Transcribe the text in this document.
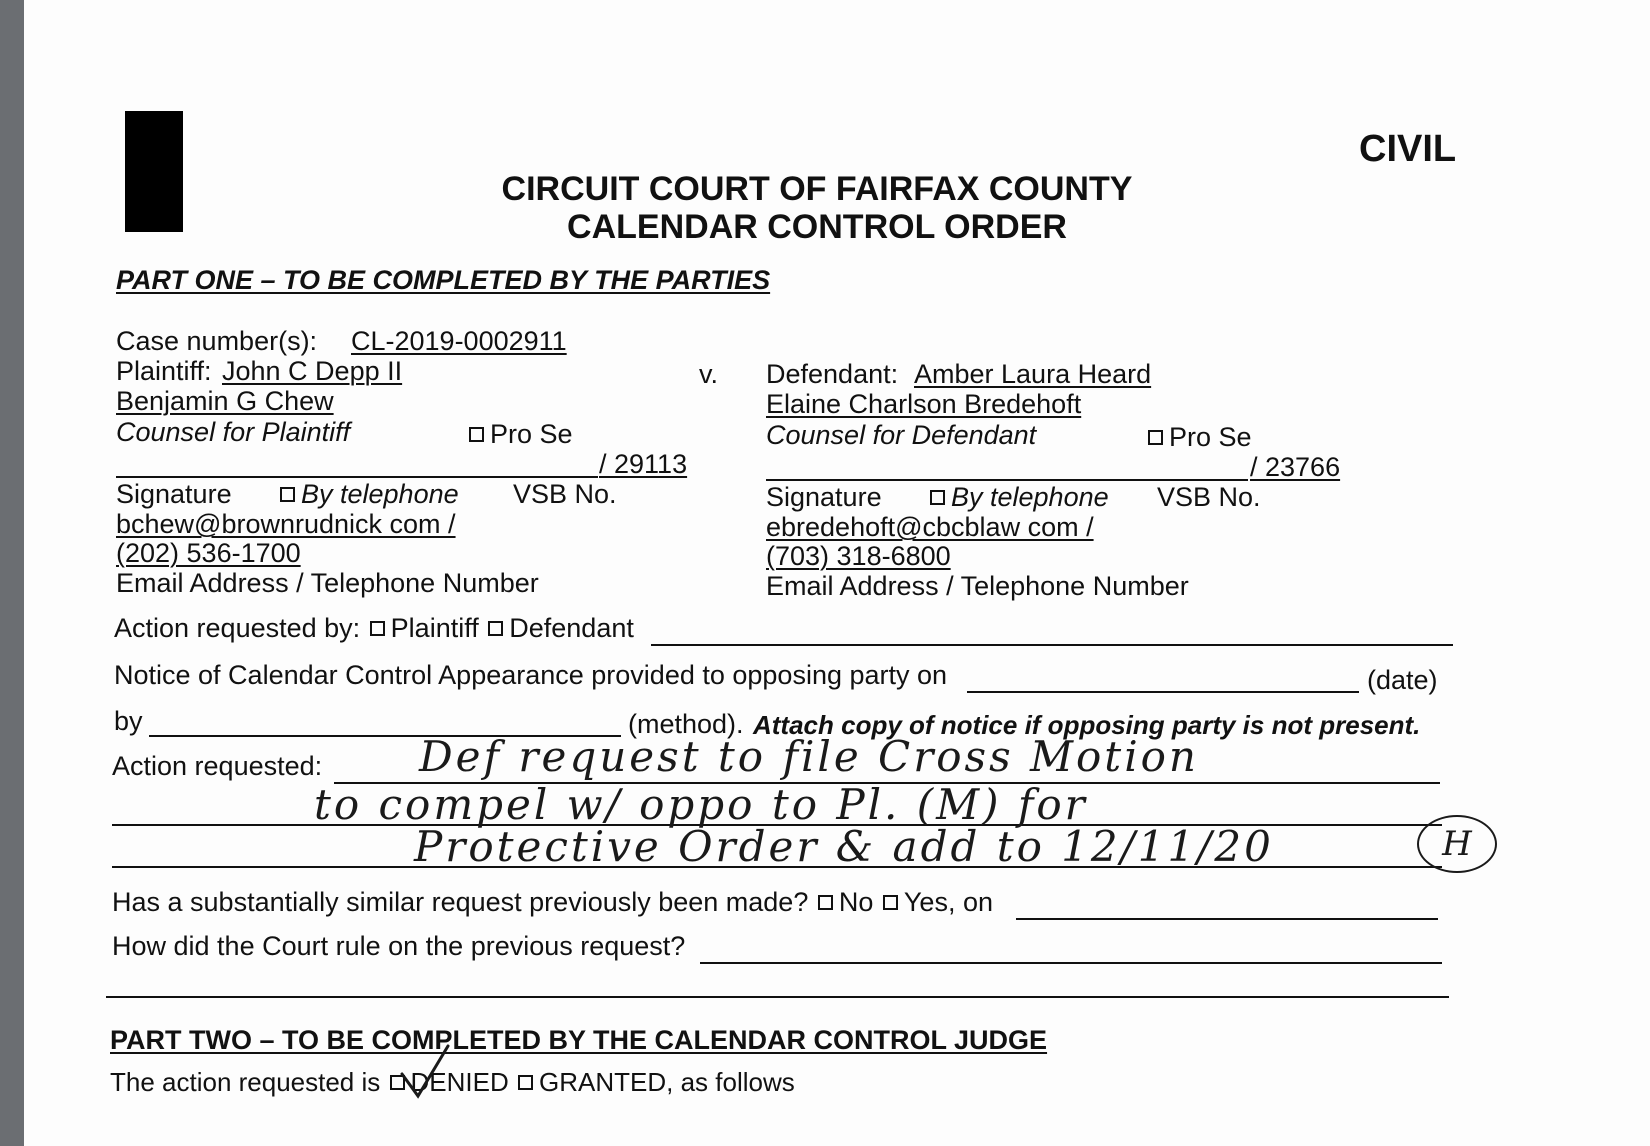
CIVIL
CIRCUIT COURT OF FAIRFAX COUNTY
CALENDAR CONTROL ORDER
PART ONE – TO BE COMPLETED BY THE PARTIES
Case number(s): CL-2019-0002911
Plaintiff: John C Depp II	v.
Benjamin G Chew
Counsel for Plaintiff	Pro Se
/ 29113
Signature	By telephone VSB No.
bchew@brownrudnick com /
(202) 536-1700
Email Address / Telephone Number
Defendant: Amber Laura Heard
Elaine Charlson Bredehoft
Counsel for Defendant	Pro Se
/ 23766
Signature	By telephone VSB No.
ebredehoft@cbcblaw com /
(703) 318-6800
Email Address / Telephone Number
Action requested by: Plaintiff Defendant
Notice of Calendar Control Appearance provided to opposing party on	(date)
by	(method). Attach copy of notice if opposing party is not present.
Action requested: Def request to file Cross Motion
to compel w/ oppo to Pl. (M) for
Protective Order & add to 12/11/20	H
Has a substantially similar request previously been made? No Yes, on
How did the Court rule on the previous request?
PART TWO – TO BE COMPLETED BY THE CALENDAR CONTROL JUDGE
The action requested is DENIED GRANTED, as follows
